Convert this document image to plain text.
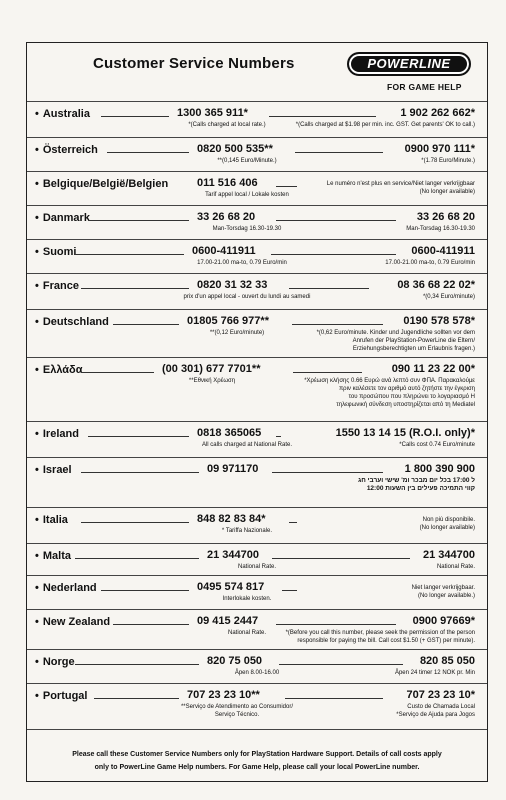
Customer Service Numbers	POWERLINE
FOR GAME HELP
• Australia	1300 365 911*
*(Calls charged at local rate.)
1 902 262 662*
*(Calls charged at $1.98 per min. inc. GST. Get parents' OK to call.)
• Österreich	0820 500 535**
**(0,145 Euro/Minute.)
0900 970 111*
*(1.78 Euro/Minute.)
• Belgique/België/Belgien	011 516 406
Tarif appel local / Lokale kosten
Le numéro n'est plus en service/Niet langer verkrijgbaar
(No longer available)
• Danmark	33 26 68 20
Man-Torsdag 16.30-19.30
33 26 68 20
Man-Torsdag 16.30-19.30
• Suomi	0600-411911
17.00-21.00 ma-to, 0.79 Euro/min
0600-411911
17.00-21.00 ma-to, 0.79 Euro/min
• France	0820 31 32 33
prix d'un appel local - ouvert du lundi au samedi
08 36 68 22 02*
*(0,34 Euro/minute)
• Deutschland	01805 766 977**
**(0,12 Euro/minute)
0190 578 578*
*(0,62 Euro/minute. Kinder und Jugendliche sollten vor dem
Anrufen der PlayStation-PowerLine die Eltern/
Erziehungsberechtigten um Erlaubnis fragen.)
• Ελλάδα	(00 301) 677 7701**
**Εθνική Χρέωση
090 11 23 22 00*
*Χρέωση κλήσης 0.66 Ευρώ ανά λεπτό συν ΦΠΑ. Παρακαλούμε
πριν καλέσετε τον αριθμό αυτό ζητήστε την έγκριση
του προσώπου που πληρώνει το λογαριασμό Η
τηλεφωνική σύνδεση υποστηρίζεται από τη Mediatel
• Ireland	0818 365065
All calls charged at National Rate.
1550 13 14 15 (R.O.I. only)*
*Calls cost 0.74 Euro/minute
• Israel	09 971170	1 800 390 900
ל 17:00 בכל יום מבכר ומ' שישי וערבי חג
קווי התמיכה פעילים בין השעות 12:00
• Italia	848 82 83 84*
* Tariffa Nazionale.
Non più disponibile.
(No longer available)
• Malta	21 344700
National Rate.
21 344700
National Rate.
• Nederland	0495 574 817
Interlokale kosten.
Niet langer verkrijgbaar.
(No longer available.)
• New Zealand	09 415 2447
National Rate.
0900 97669*
*(Before you call this number, please seek the permission of the person
responsible for paying the bill. Call cost $1.50 (+ GST) per minute).
• Norge	820 75 050
Åpen 8.00-16.00
820 85 050
Åpen 24 timer 12 NOK pr. Min
• Portugal	707 23 23 10**
**Serviço de Atendimento ao Consumidor/
Serviço Técnico.
707 23 23 10*
Custo de Chamada Local
*Serviço de Ajuda para Jogos
Please call these Customer Service Numbers only for PlayStation Hardware Support. Details of call costs apply
only to PowerLine Game Help numbers. For Game Help, please call your local PowerLine number.
